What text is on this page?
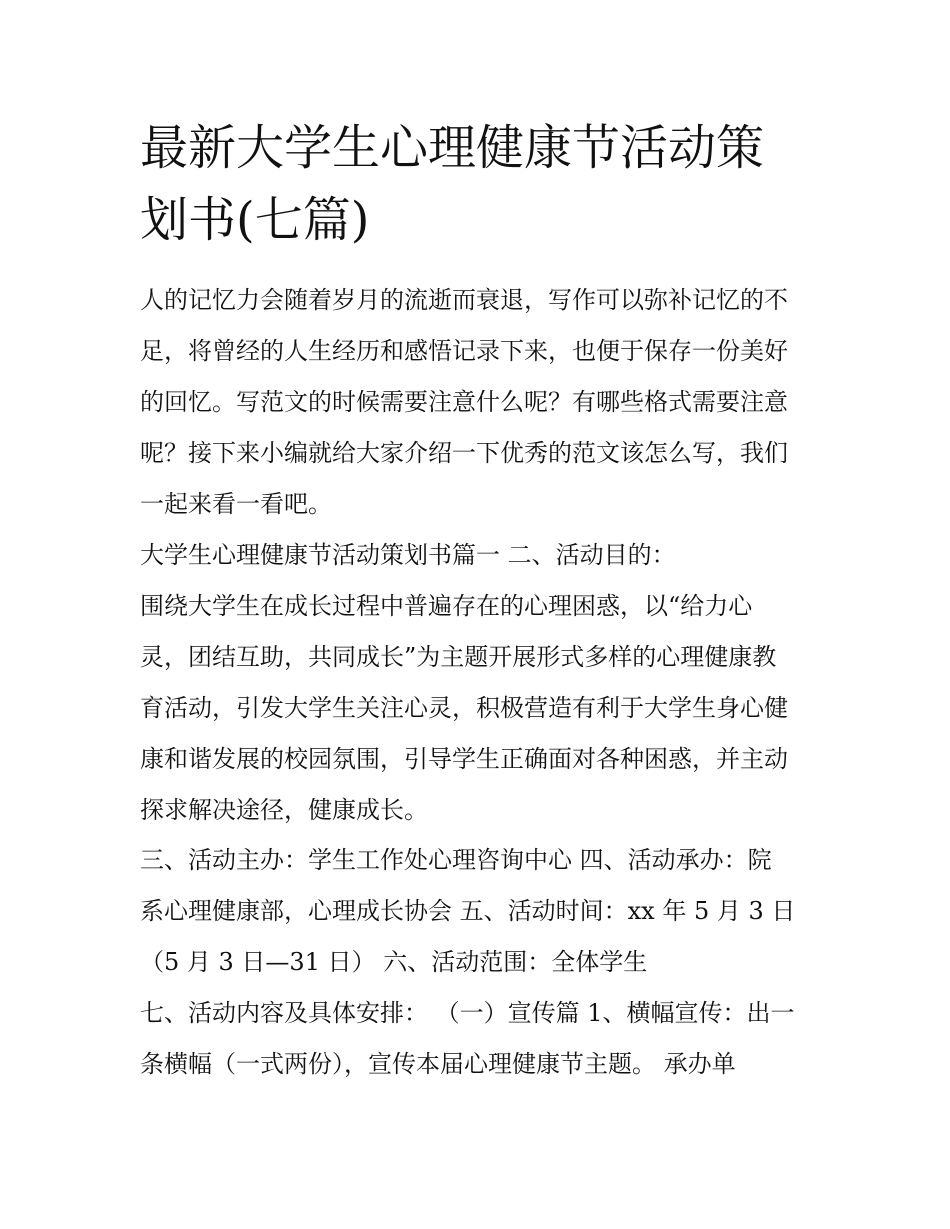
最新大学生心理健康节活动策
划书(七篇)

人的记忆力会随着岁月的流逝而衰退，写作可以弥补记忆的不
足，将曾经的人生经历和感悟记录下来，也便于保存一份美好
的回忆。写范文的时候需要注意什么呢？有哪些格式需要注意
呢？接下来小编就给大家介绍一下优秀的范文该怎么写，我们
一起来看一看吧。

大学生心理健康节活动策划书篇一 二、活动目的：

围绕大学生在成长过程中普遍存在的心理困惑，以“给力心
灵，团结互助，共同成长”为主题开展形式多样的心理健康教
育活动，引发大学生关注心灵，积极营造有利于大学生身心健
康和谐发展的校园氛围，引导学生正确面对各种困惑，并主动
探求解决途径，健康成长。

三、活动主办：学生工作处心理咨询中心 四、活动承办：院
系心理健康部，心理成长协会 五、活动时间：xx 年 5 月 3 日
（5 月 3 日—31 日） 六、活动范围：全体学生

七、活动内容及具体安排： （一）宣传篇 1、横幅宣传：出一
条横幅（一式两份），宣传本届心理健康节主题。 承办单
